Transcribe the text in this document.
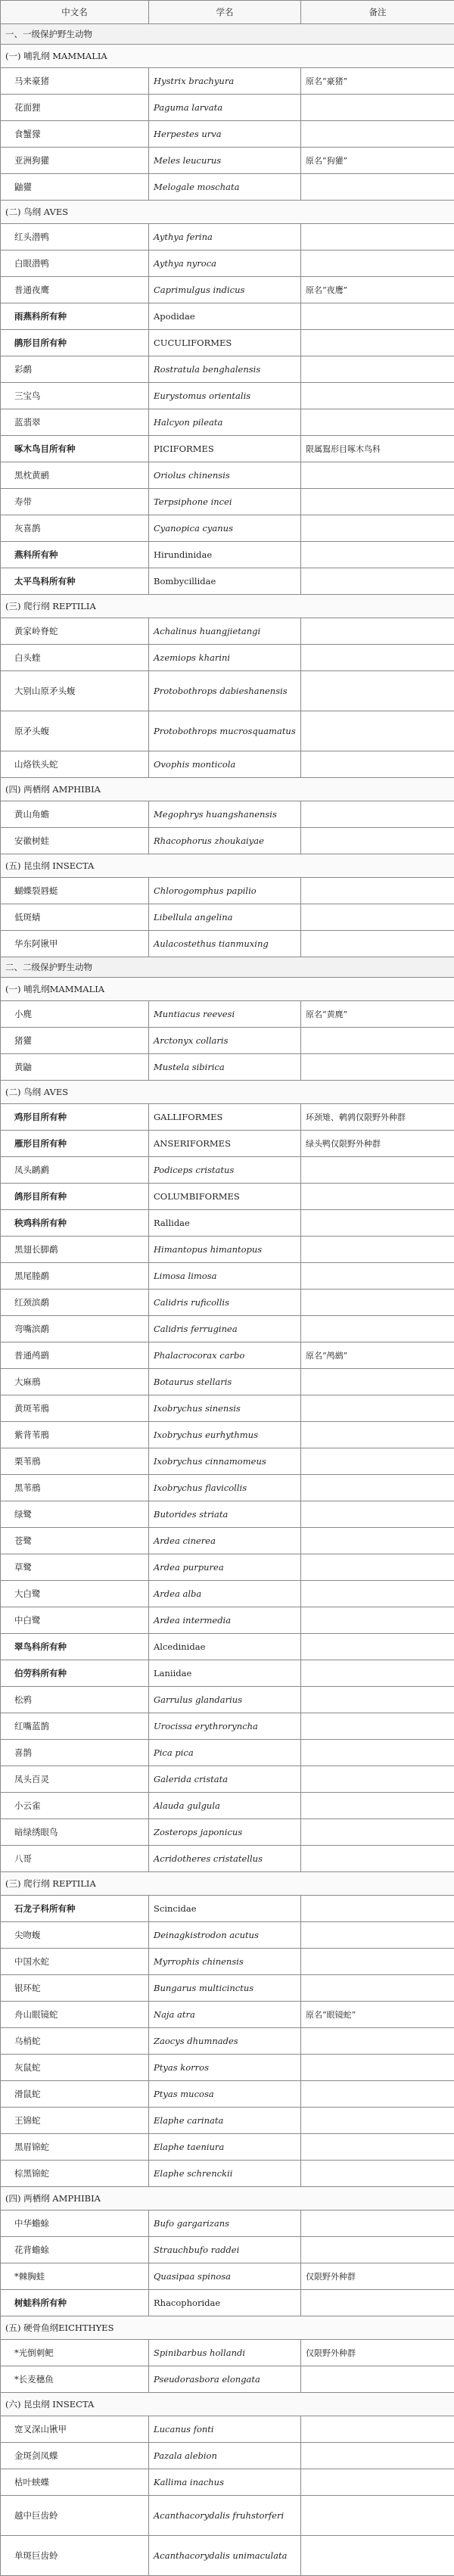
中文名	学名	备注
一、一级保护野生动物		
(一) 哺乳纲 MAMMALIA		
马来豪猪	Hystrix brachyura	原名“豪猪”
花面狸	Paguma larvata	
食蟹獴	Herpestes urva	
亚洲狗獾	Meles leucurus	原名“狗獾”
鼬獾	Melogale moschata	
(二) 鸟纲 AVES		
红头潜鸭	Aythya ferina	
白眼潜鸭	Aythya nyroca	
普通夜鹰	Caprimulgus indicus	原名“夜鹰”
雨燕科所有种	Apodidae	
鹃形目所有种	CUCULIFORMES	
彩鹬	Rostratula benghalensis	
三宝鸟	Eurystomus orientalis	
蓝翡翠	Halcyon pileata	
啄木鸟目所有种	PICIFORMES	限属鴷形目啄木鸟科
黑枕黄鹂	Oriolus chinensis	
寿带	Terpsiphone incei	
灰喜鹊	Cyanopica cyanus	
燕科所有种	Hirundinidae	
太平鸟科所有种	Bombycillidae	
(三) 爬行纲 REPTILIA		
黄家岭脊蛇	Achalinus huangjietangi	
白头蝰	Azemiops kharini	
大别山原矛头蝮	Protobothrops dabieshanensis	
原矛头蝮	Protobothrops mucrosquamatus	
山烙铁头蛇	Ovophis monticola	
(四) 两栖纲 AMPHIBIA		
黄山角蟾	Megophrys huangshanensis	
安徽树蛙	Rhacophorus zhoukaiyae	
(五) 昆虫纲 INSECTA		
蝴蝶裂唇蜓	Chlorogomphus papilio	
低斑蜻	Libellula angelina	
华东阿锹甲	Aulacostethus tianmuxing	
二、二级保护野生动物		
(一) 哺乳纲MAMMALIA		
小麂	Muntiacus reevesi	原名“黄麂”
猪獾	Arctonyx collaris	
黄鼬	Mustela sibirica	
(二) 鸟纲 AVES		
鸡形目所有种	GALLIFORMES	环颈雉、鹌鹑仅限野外种群
雁形目所有种	ANSERIFORMES	绿头鸭仅限野外种群
凤头䴙䴘	Podiceps cristatus	
鸽形目所有种	COLUMBIFORMES	
秧鸡科所有种	Rallidae	
黑翅长脚鹬	Himantopus himantopus	
黑尾塍鹬	Limosa limosa	
红颈滨鹬	Calidris ruficollis	
弯嘴滨鹬	Calidris ferruginea	
普通鸬鹚	Phalacrocorax carbo	原名“鸬鹚”
大麻鳽	Botaurus stellaris	
黄斑苇鳽	Ixobrychus sinensis	
紫背苇鳽	Ixobrychus eurhythmus	
栗苇鳽	Ixobrychus cinnamomeus	
黑苇鳽	Ixobrychus flavicollis	
绿鹭	Butorides striata	
苍鹭	Ardea cinerea	
草鹭	Ardea purpurea	
大白鹭	Ardea alba	
中白鹭	Ardea intermedia	
翠鸟科所有种	Alcedinidae	
伯劳科所有种	Laniidae	
松鸦	Garrulus glandarius	
红嘴蓝鹊	Urocissa erythroryncha	
喜鹊	Pica pica	
凤头百灵	Galerida cristata	
小云雀	Alauda gulgula	
暗绿绣眼鸟	Zosterops japonicus	
八哥	Acridotheres cristatellus	
(三) 爬行纲 REPTILIA		
石龙子科所有种	Scincidae	
尖吻蝮	Deinagkistrodon acutus	
中国水蛇	Myrrophis chinensis	
银环蛇	Bungarus multicinctus	
舟山眼镜蛇	Naja atra	原名“眼镜蛇”
乌梢蛇	Zaocys dhumnades	
灰鼠蛇	Ptyas korros	
滑鼠蛇	Ptyas mucosa	
王锦蛇	Elaphe carinata	
黑眉锦蛇	Elaphe taeniura	
棕黑锦蛇	Elaphe schrenckii	
(四) 两栖纲 AMPHIBIA		
中华蟾蜍	Bufo gargarizans	
花背蟾蜍	Strauchbufo raddei	
*棘胸蛙	Quasipaa spinosa	仅限野外种群
树蛙科所有种	Rhacophoridae	
(五) 硬骨鱼纲EICHTHYES		
*光倒刺鲃	Spinibarbus hollandi	仅限野外种群
*长麦穗鱼	Pseudorasbora elongata	
(六) 昆虫纲 INSECTA		
宽叉深山锹甲	Lucanus fonti	
金斑剑凤蝶	Pazala alebion	
枯叶蛱蝶	Kallima inachus	
越中巨齿蛉	Acanthacorydalis fruhstorferi	
单斑巨齿蛉	Acanthacorydalis unimaculata	
